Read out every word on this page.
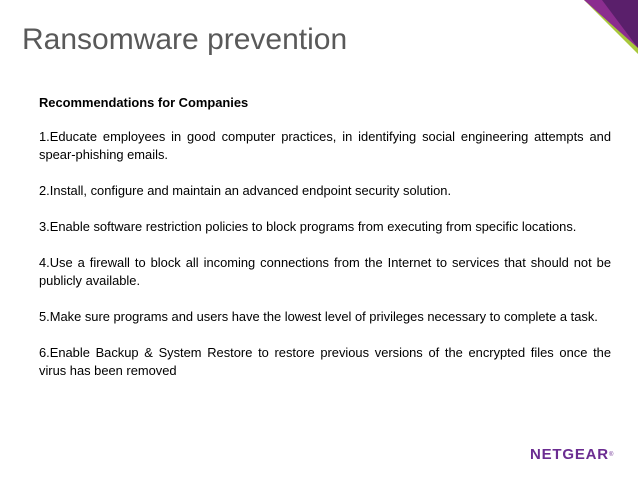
Ransomware prevention
Recommendations for Companies
1.Educate employees in good computer practices, in identifying social engineering attempts and spear-phishing emails.
2.Install, configure and maintain an advanced endpoint security solution.
3.Enable software restriction policies to block programs from executing from specific locations.
4.Use a firewall to block all incoming connections from the Internet to services that should not be publicly available.
5.Make sure programs and users have the lowest level of privileges necessary to complete a task.
6.Enable Backup & System Restore to restore previous versions of the encrypted files once the virus has been removed
NETGEAR®
